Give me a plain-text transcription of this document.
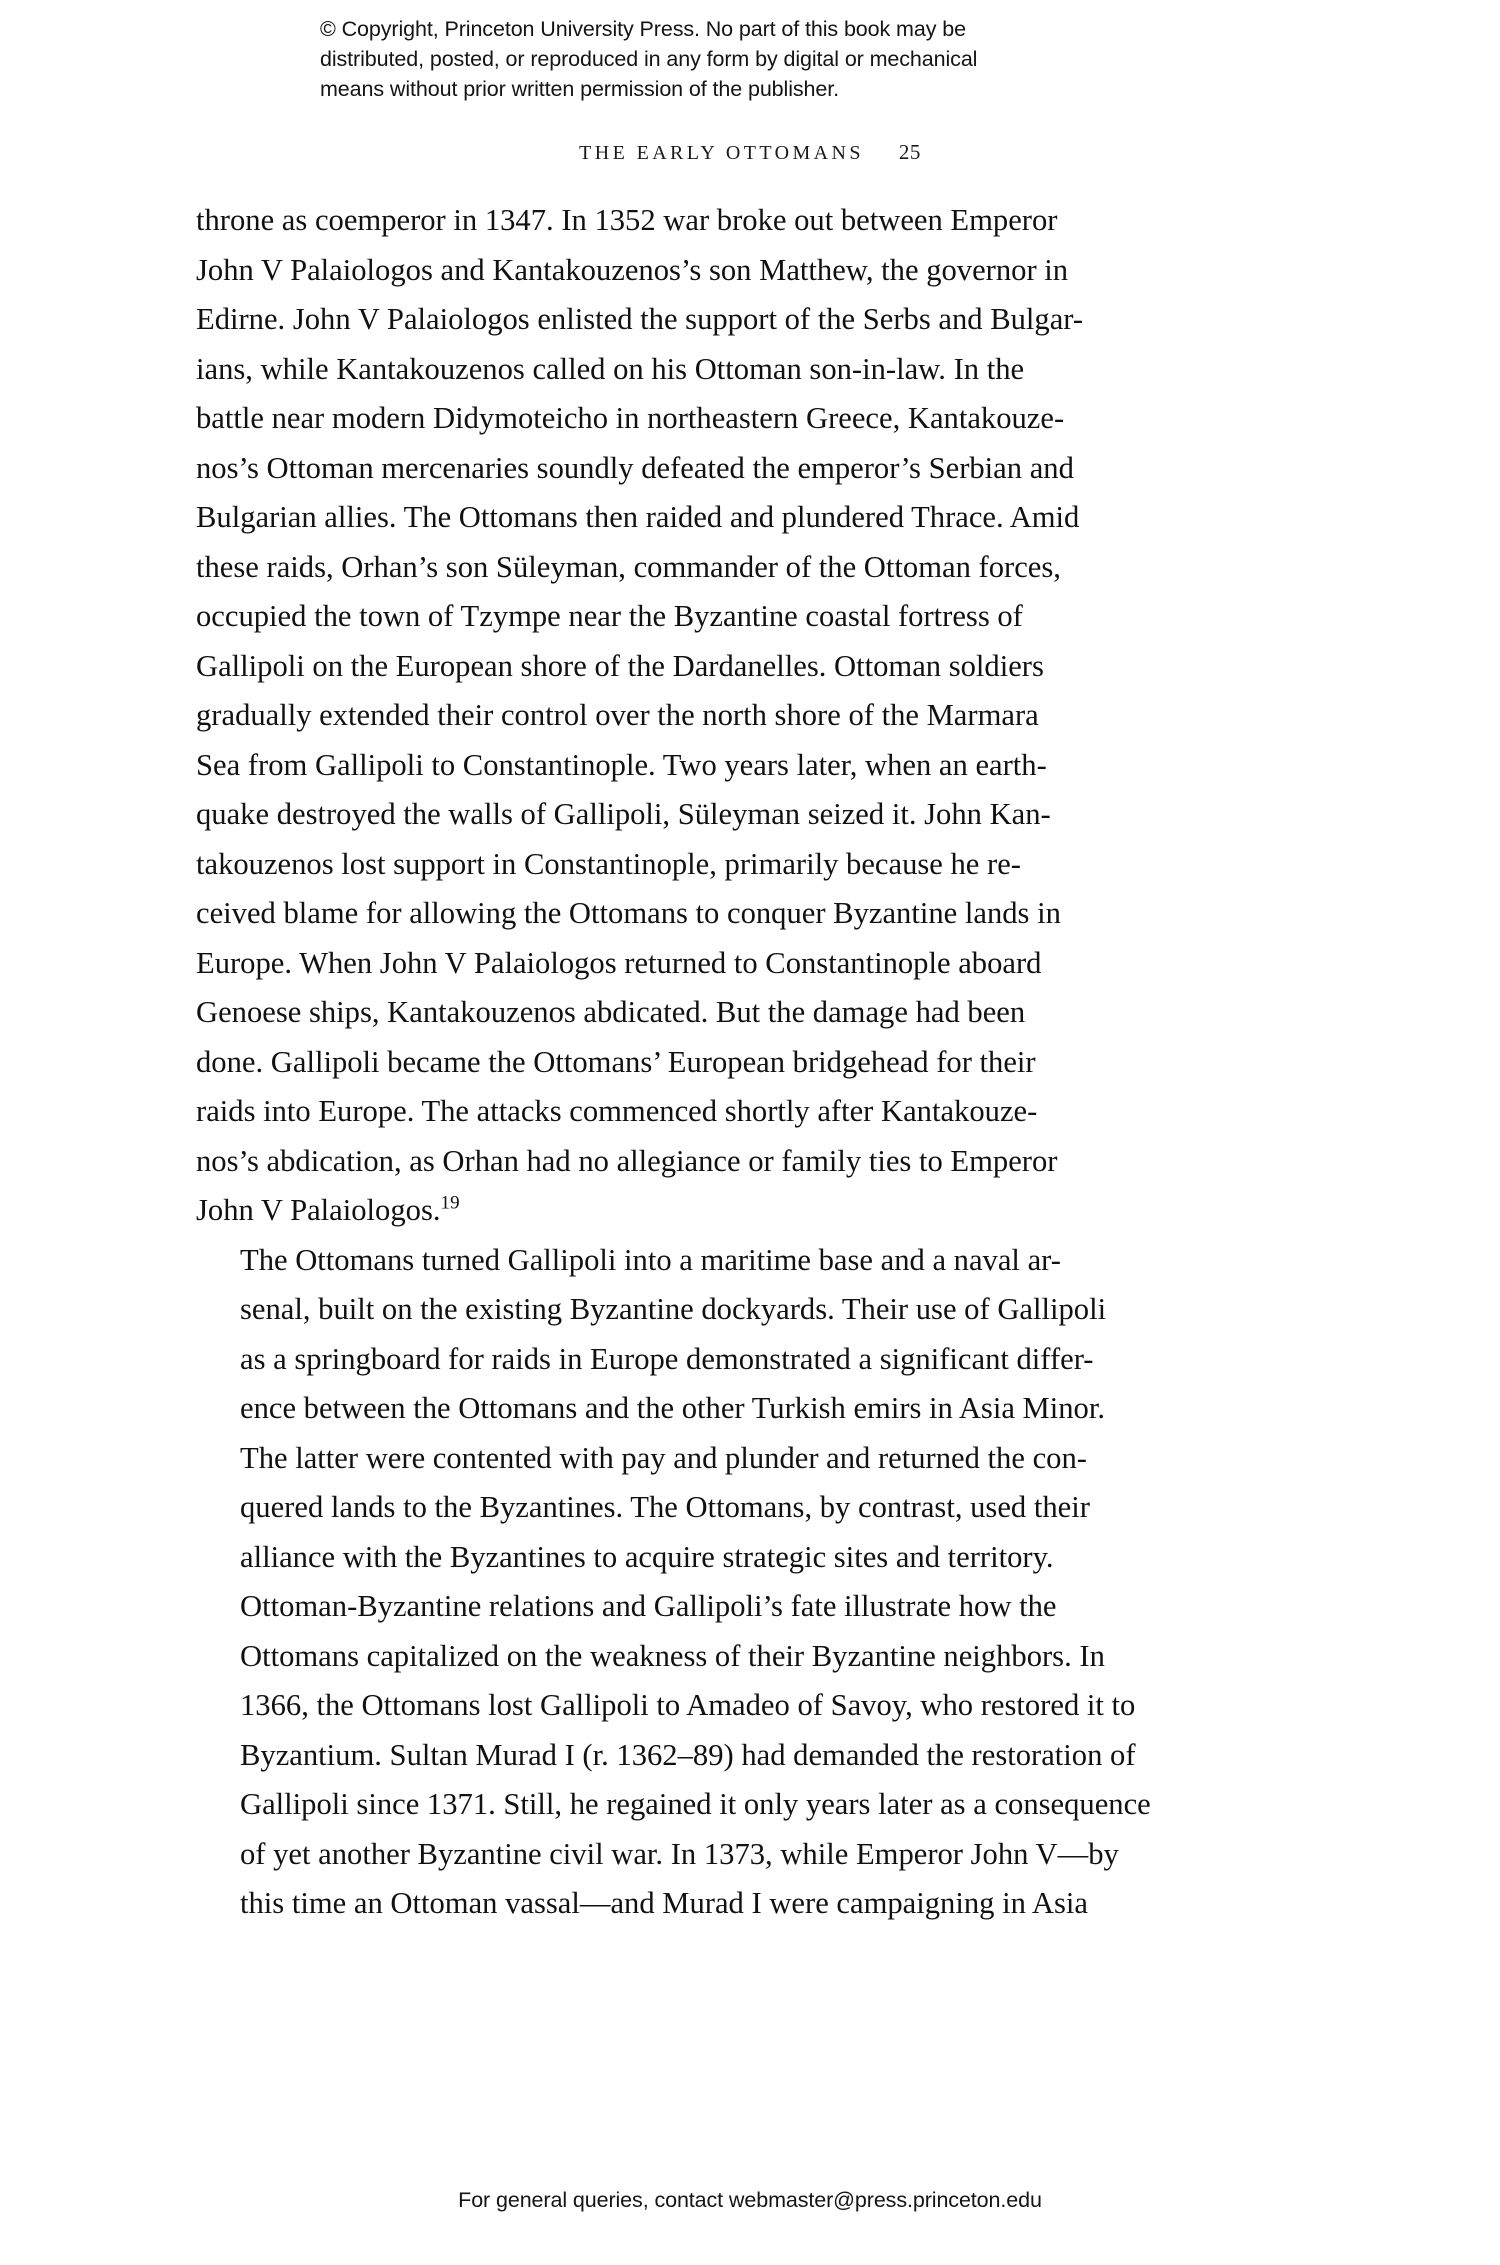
© Copyright, Princeton University Press. No part of this book may be
distributed, posted, or reproduced in any form by digital or mechanical
means without prior written permission of the publisher.
THE EARLY OTTOMANS 25

throne as coemperor in 1347. In 1352 war broke out between Emperor
John V Palaiologos and Kantakouzenos’s son Matthew, the governor in
Edirne. John V Palaiologos enlisted the support of the Serbs and Bulgar-
ians, while Kantakouzenos called on his Ottoman son-in-law. In the
battle near modern Didymoteicho in northeastern Greece, Kantakouze-
nos’s Ottoman mercenaries soundly defeated the emperor’s Serbian and
Bulgarian allies. The Ottomans then raided and plundered Thrace. Amid
these raids, Orhan’s son Süleyman, commander of the Ottoman forces,
occupied the town of Tzympe near the Byzantine coastal fortress of
Gallipoli on the European shore of the Dardanelles. Ottoman soldiers
gradually extended their control over the north shore of the Marmara
Sea from Gallipoli to Constantinople. Two years later, when an earth-
quake destroyed the walls of Gallipoli, Süleyman seized it. John Kan-
takouzenos lost support in Constantinople, primarily because he re-
ceived blame for allowing the Ottomans to conquer Byzantine lands in
Europe. When John V Palaiologos returned to Constantinople aboard
Genoese ships, Kantakouzenos abdicated. But the damage had been
done. Gallipoli became the Ottomans’ European bridgehead for their
raids into Europe. The attacks commenced shortly after Kantakouze-
nos’s abdication, as Orhan had no allegiance or family ties to Emperor
John V Palaiologos.$^{19}$

The Ottomans turned Gallipoli into a maritime base and a naval ar-
senal, built on the existing Byzantine dockyards. Their use of Gallipoli
as a springboard for raids in Europe demonstrated a significant differ-
ence between the Ottomans and the other Turkish emirs in Asia Minor.
The latter were contented with pay and plunder and returned the con-
quered lands to the Byzantines. The Ottomans, by contrast, used their
alliance with the Byzantines to acquire strategic sites and territory.

Ottoman-Byzantine relations and Gallipoli’s fate illustrate how the
Ottomans capitalized on the weakness of their Byzantine neighbors. In
1366, the Ottomans lost Gallipoli to Amadeo of Savoy, who restored it to
Byzantium. Sultan Murad I (r. 1362–89) had demanded the restoration of
Gallipoli since 1371. Still, he regained it only years later as a consequence
of yet another Byzantine civil war. In 1373, while Emperor John V—by
this time an Ottoman vassal—and Murad I were campaigning in Asia

For general queries, contact webmaster@press.princeton.edu
